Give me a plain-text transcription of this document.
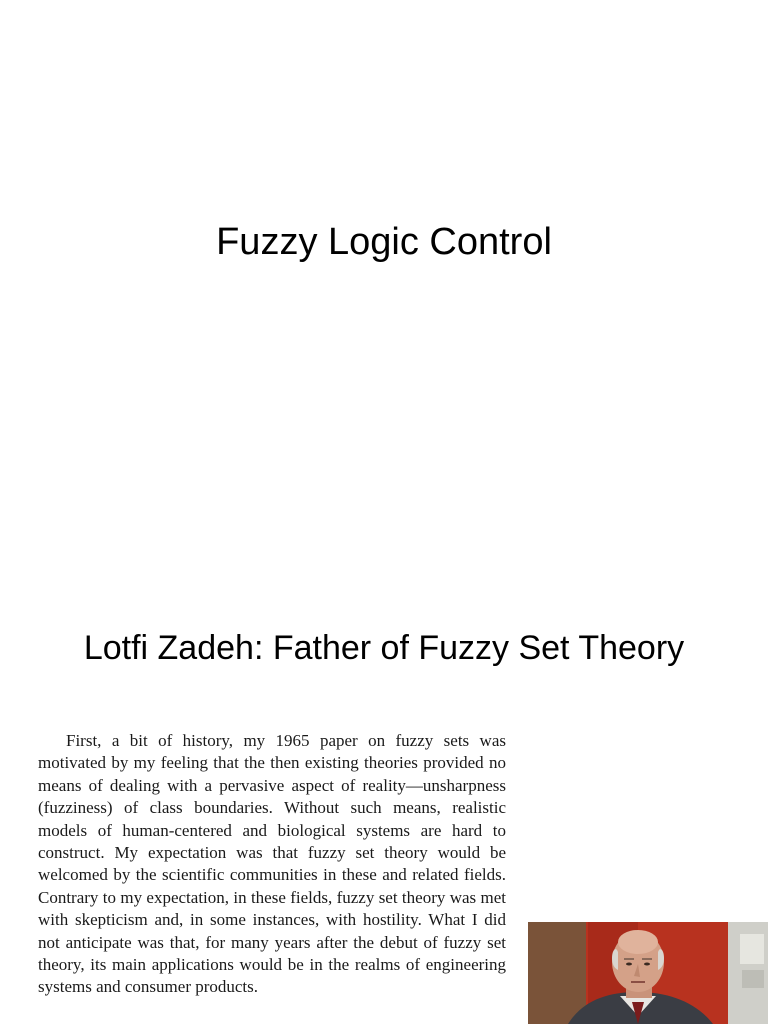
Fuzzy Logic Control
Lotfi Zadeh: Father of Fuzzy Set Theory

First, a bit of history, my 1965 paper on fuzzy sets was motivated by my feeling that the then existing theories provided no means of dealing with a pervasive aspect of reality—unsharpness (fuzziness) of class boundaries. Without such means, realistic models of human-centered and biological systems are hard to construct. My expectation was that fuzzy set theory would be welcomed by the scientific communities in these and related fields. Contrary to my expectation, in these fields, fuzzy set theory was met with skepticism and, in some instances, with hostility. What I did not anticipate was that, for many years after the debut of fuzzy set theory, its main applications would be in the realms of engineering systems and consumer products.
